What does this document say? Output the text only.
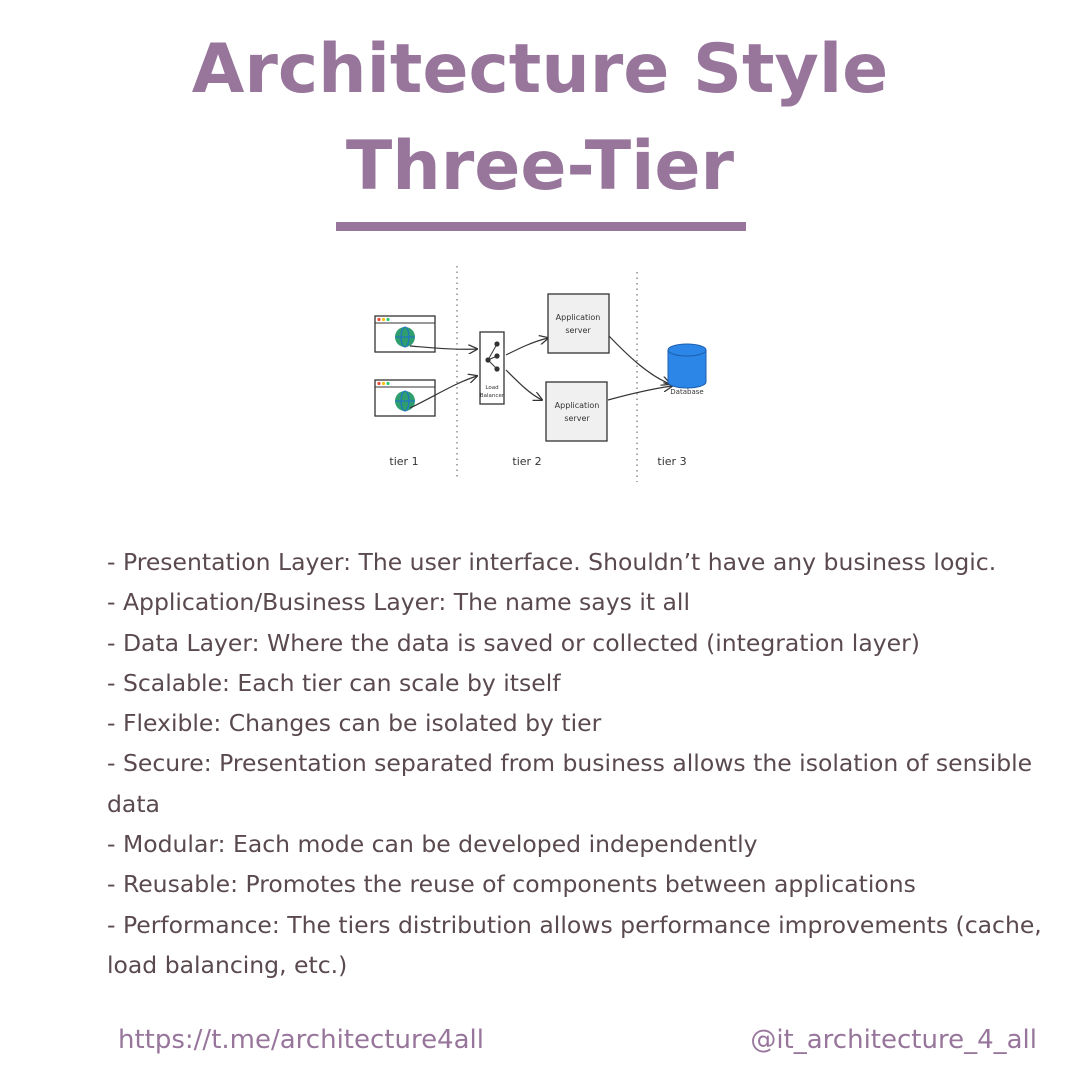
Architecture Style
Three-Tier
Load
Balancer
Application
server
Application
server
Database
tier 1	tier 2	tier 3
- Presentation Layer: The user interface. Shouldn’t have any business logic.
- Application/Business Layer: The name says it all
- Data Layer: Where the data is saved or collected (integration layer)
- Scalable: Each tier can scale by itself
- Flexible: Changes can be isolated by tier
- Secure: Presentation separated from business allows the isolation of sensible data
- Modular: Each mode can be developed independently
- Reusable: Promotes the reuse of components between applications
- Performance: The tiers distribution allows performance improvements (cache, load balancing, etc.)
https://t.me/architecture4all	@it_architecture_4_all
